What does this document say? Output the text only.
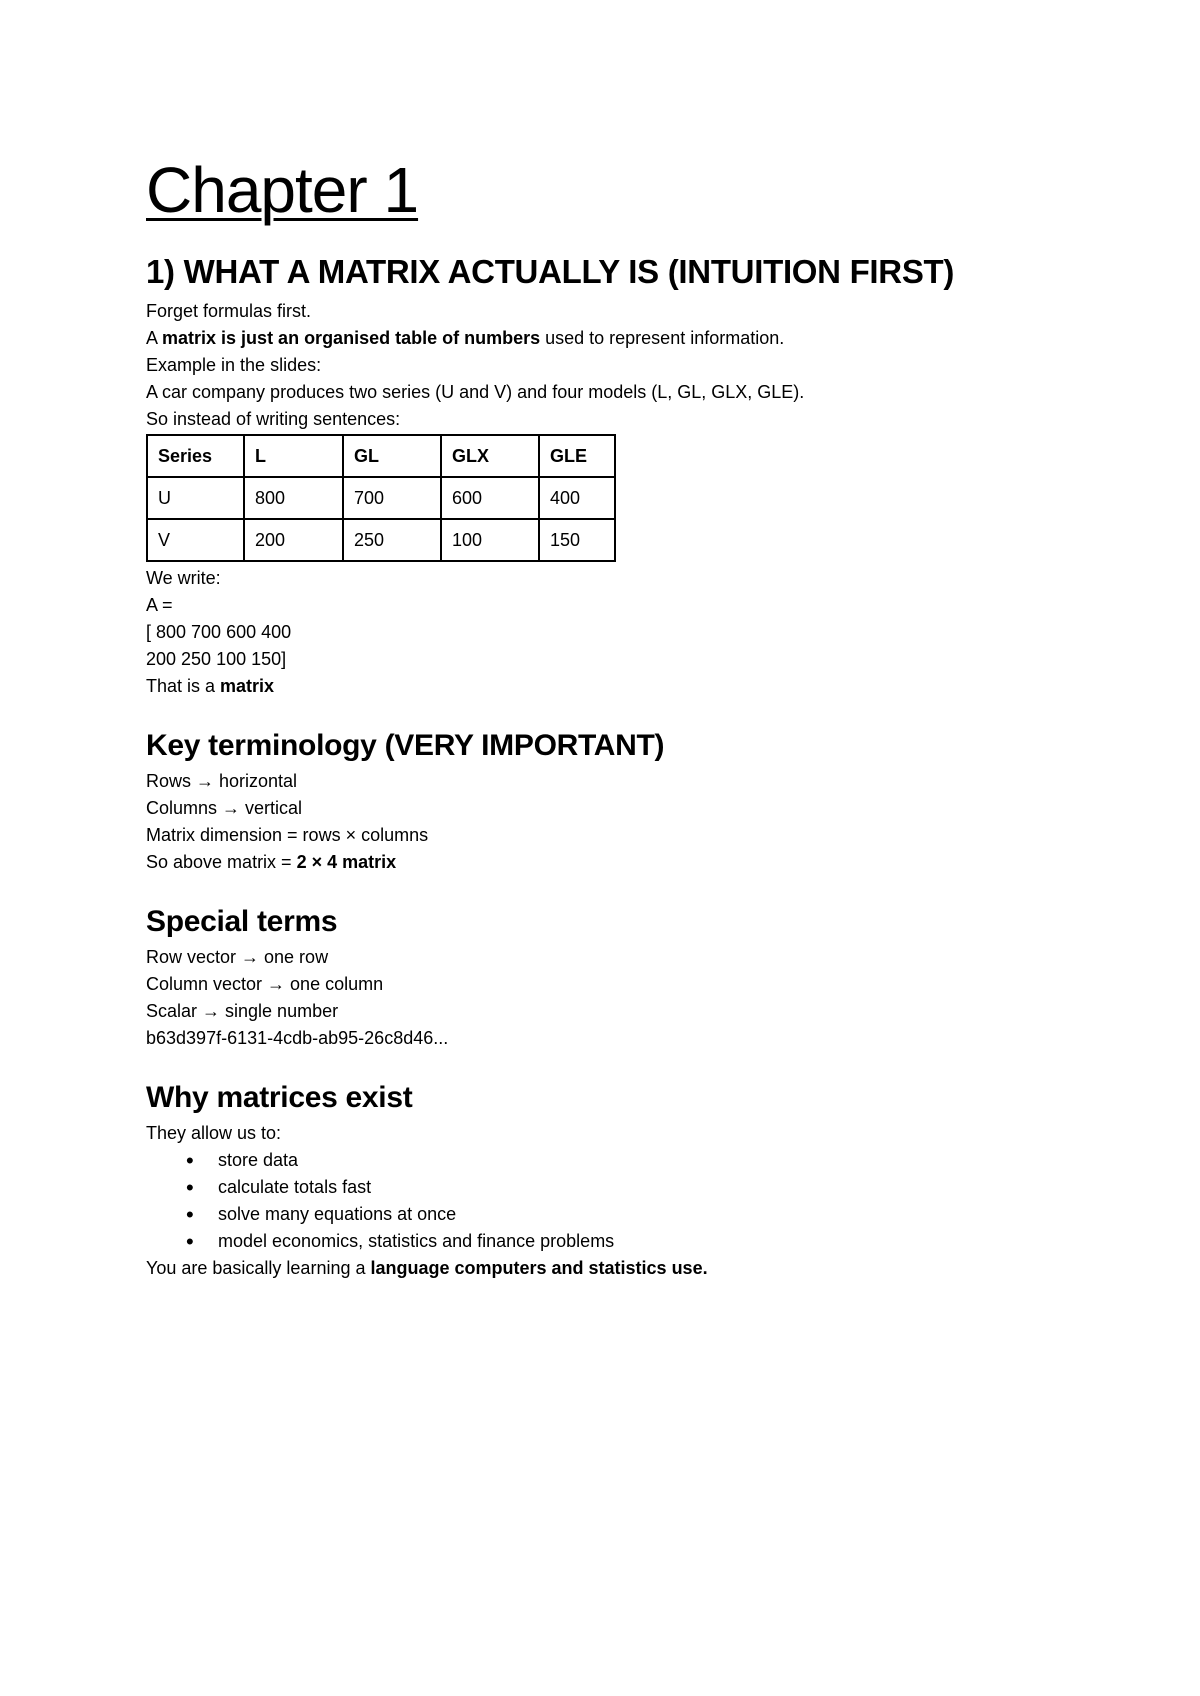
Chapter 1
1) WHAT A MATRIX ACTUALLY IS (INTUITION FIRST)

Forget formulas first.

A matrix is just an organised table of numbers used to represent information.

Example in the slides:

A car company produces two series (U and V) and four models (L, GL, GLX, GLE).

So instead of writing sentences:

Series	L	GL	GLX	GLE
U	800	700	600	400
V	200	250	100	150

We write:

A =

[ 800 700 600 400

200 250 100 150]

That is a matrix

Key terminology (VERY IMPORTANT)

Rows → horizontal

Columns → vertical

Matrix dimension = rows × columns

So above matrix = 2 × 4 matrix

Special terms

Row vector → one row

Column vector → one column

Scalar → single number

b63d397f-6131-4cdb-ab95-26c8d46...

Why matrices exist

They allow us to:

• store data
• calculate totals fast
• solve many equations at once
• model economics, statistics and finance problems

You are basically learning a language computers and statistics use.
